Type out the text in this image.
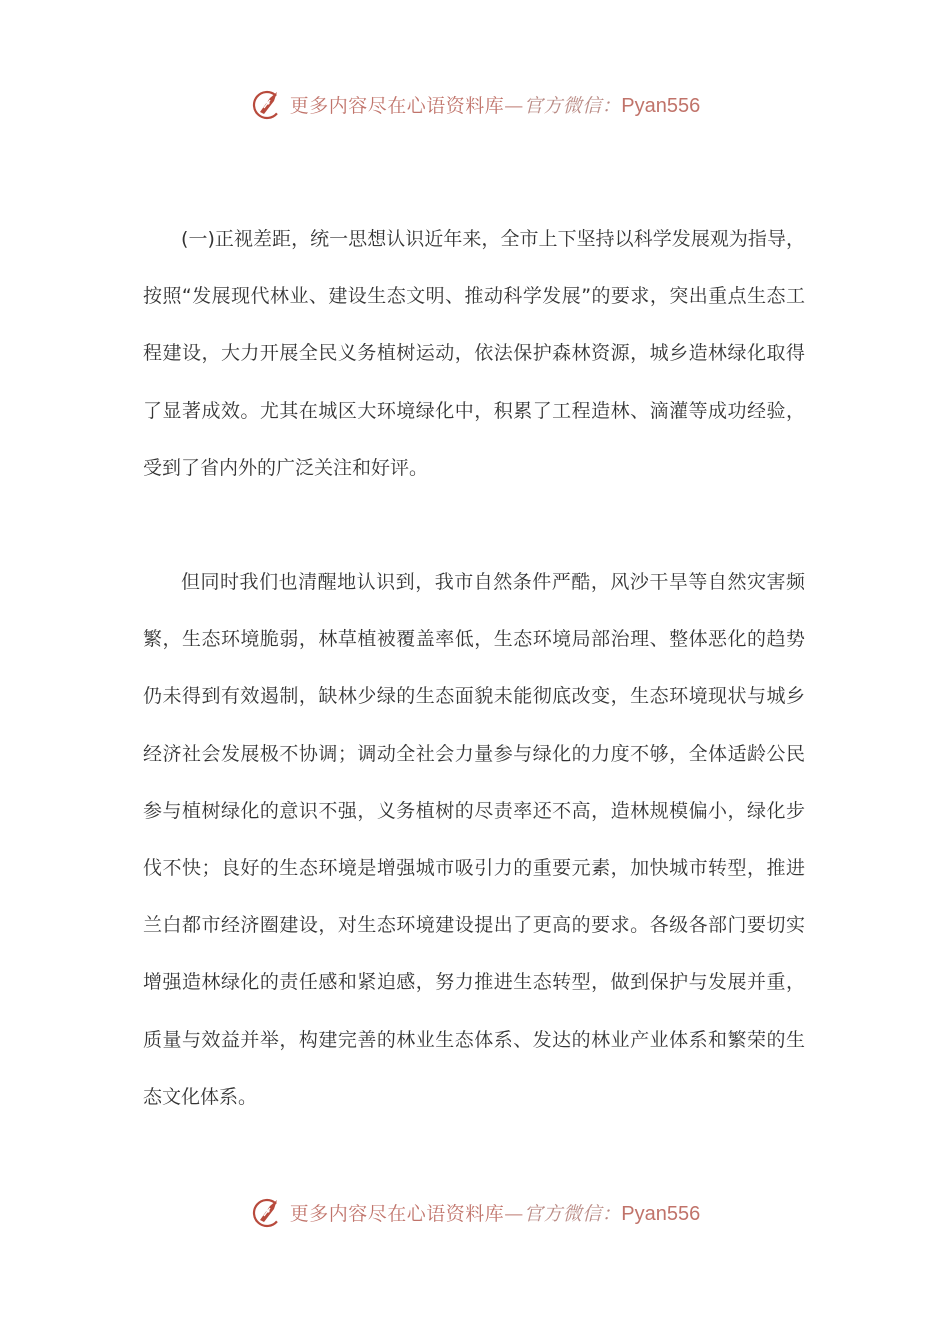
更多内容尽在心语资料库—官方微信：Pyan556

(一)正视差距，统一思想认识近年来，全市上下坚持以科学发展观为指导，按照“发展现代林业、建设生态文明、推动科学发展”的要求，突出重点生态工程建设，大力开展全民义务植树运动，依法保护森林资源，城乡造林绿化取得了显著成效。尤其在城区大环境绿化中，积累了工程造林、滴灌等成功经验，受到了省内外的广泛关注和好评。

但同时我们也清醒地认识到，我市自然条件严酷，风沙干旱等自然灾害频繁，生态环境脆弱，林草植被覆盖率低，生态环境局部治理、整体恶化的趋势仍未得到有效遏制，缺林少绿的生态面貌未能彻底改变，生态环境现状与城乡经济社会发展极不协调；调动全社会力量参与绿化的力度不够，全体适龄公民参与植树绿化的意识不强，义务植树的尽责率还不高，造林规模偏小，绿化步伐不快；良好的生态环境是增强城市吸引力的重要元素，加快城市转型，推进兰白都市经济圈建设，对生态环境建设提出了更高的要求。各级各部门要切实增强造林绿化的责任感和紧迫感，努力推进生态转型，做到保护与发展并重，质量与效益并举，构建完善的林业生态体系、发达的林业产业体系和繁荣的生态文化体系。

更多内容尽在心语资料库—官方微信：Pyan556
